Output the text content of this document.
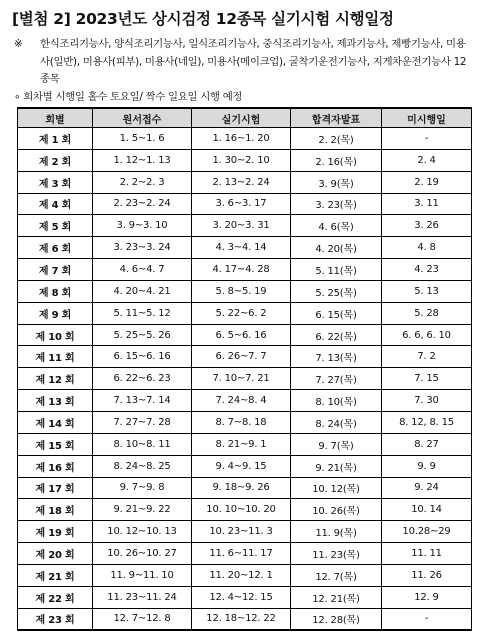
[별첨 2] 2023년도 상시검정 12종목 실기시험 시행일정
※	한식조리기능사, 양식조리기능사, 일식조리기능사, 중식조리기능사, 제과기능사, 제빵기능사, 미용사(일반), 미용사(피부), 미용사(네일), 미용사(메이크업), 굴착기운전기능사, 지게차운전기능사 12종목
∘ 회차별 시행일 홀수 토요일/ 짝수 일요일 시행 예정
회별	원서접수	실기시험	합격자발표	미시행일
제 1 회	1. 5~1. 6	1. 16~1. 20	2. 2(목)	-
제 2 회	1. 12~1. 13	1. 30~2. 10	2. 16(목)	2. 4
제 3 회	2. 2~2. 3	2. 13~2. 24	3. 9(목)	2. 19
제 4 회	2. 23~2. 24	3. 6~3. 17	3. 23(목)	3. 11
제 5 회	3. 9~3. 10	3. 20~3. 31	4. 6(목)	3. 26
제 6 회	3. 23~3. 24	4. 3~4. 14	4. 20(목)	4. 8
제 7 회	4. 6~4. 7	4. 17~4. 28	5. 11(목)	4. 23
제 8 회	4. 20~4. 21	5. 8~5. 19	5. 25(목)	5. 13
제 9 회	5. 11~5. 12	5. 22~6. 2	6. 15(목)	5. 28
제 10 회	5. 25~5. 26	6. 5~6. 16	6. 22(목)	6. 6, 6. 10
제 11 회	6. 15~6. 16	6. 26~7. 7	7. 13(목)	7. 2
제 12 회	6. 22~6. 23	7. 10~7. 21	7. 27(목)	7. 15
제 13 회	7. 13~7. 14	7. 24~8. 4	8. 10(목)	7. 30
제 14 회	7. 27~7. 28	8. 7~8. 18	8. 24(목)	8. 12, 8. 15
제 15 회	8. 10~8. 11	8. 21~9. 1	9. 7(목)	8. 27
제 16 회	8. 24~8. 25	9. 4~9. 15	9. 21(목)	9. 9
제 17 회	9. 7~9. 8	9. 18~9. 26	10. 12(목)	9. 24
제 18 회	9. 21~9. 22	10. 10~10. 20	10. 26(목)	10. 14
제 19 회	10. 12~10. 13	10. 23~11. 3	11. 9(목)	10.28~29
제 20 회	10. 26~10. 27	11. 6~11. 17	11. 23(목)	11. 11
제 21 회	11. 9~11. 10	11. 20~12. 1	12. 7(목)	11. 26
제 22 회	11. 23~11. 24	12. 4~12. 15	12. 21(목)	12. 9
제 23 회	12. 7~12. 8	12. 18~12. 22	12. 28(목)	-
